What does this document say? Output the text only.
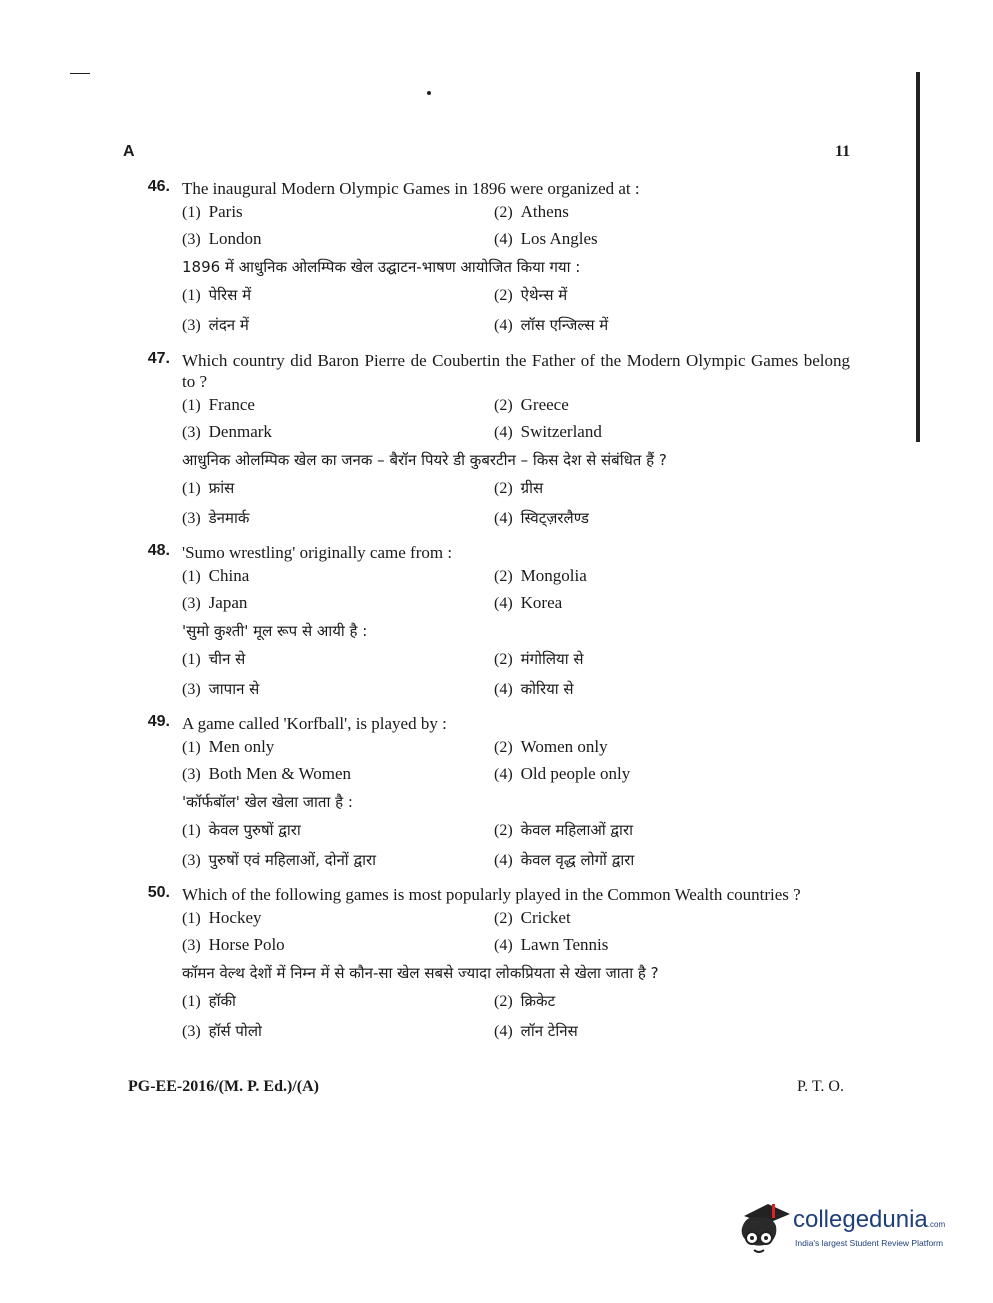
A	11
46. The inaugural Modern Olympic Games in 1896 were organized at :
(1) Paris	(2) Athens
(3) London	(4) Los Angles
1896 में आधुनिक ओलम्पिक खेल उद्घाटन-भाषण आयोजित किया गया :
(1) पेरिस में	(2) ऐथेन्स में
(3) लंदन में	(4) लॉस एन्जिल्स में
47. Which country did Baron Pierre de Coubertin the Father of the Modern Olympic Games belong to ?
(1) France	(2) Greece
(3) Denmark	(4) Switzerland
आधुनिक ओलम्पिक खेल का जनक – बैरॉन पियरे डी कुबरटीन – किस देश से संबंधित हैं ?
(1) फ्रांस	(2) ग्रीस
(3) डेनमार्क	(4) स्विट्ज़रलैण्ड
48. 'Sumo wrestling' originally came from :
(1) China	(2) Mongolia
(3) Japan	(4) Korea
'सुमो कुश्ती' मूल रूप से आयी है :
(1) चीन से	(2) मंगोलिया से
(3) जापान से	(4) कोरिया से
49. A game called 'Korfball', is played by :
(1) Men only	(2) Women only
(3) Both Men & Women	(4) Old people only
'कॉर्फबॉल' खेल खेला जाता है :
(1) केवल पुरुषों द्वारा	(2) केवल महिलाओं द्वारा
(3) पुरुषों एवं महिलाओं, दोनों द्वारा	(4) केवल वृद्ध लोगों द्वारा
50. Which of the following games is most popularly played in the Common Wealth countries ?
(1) Hockey	(2) Cricket
(3) Horse Polo	(4) Lawn Tennis
कॉमन वेल्थ देशों में निम्न में से कौन-सा खेल सबसे ज्यादा लोकप्रियता से खेला जाता है ?
(1) हॉकी	(2) क्रिकेट
(3) हॉर्स पोलो	(4) लॉन टेनिस
PG-EE-2016/(M. P. Ed.)/(A)	P. T. O.
collegedunia.com
India's largest Student Review Platform
